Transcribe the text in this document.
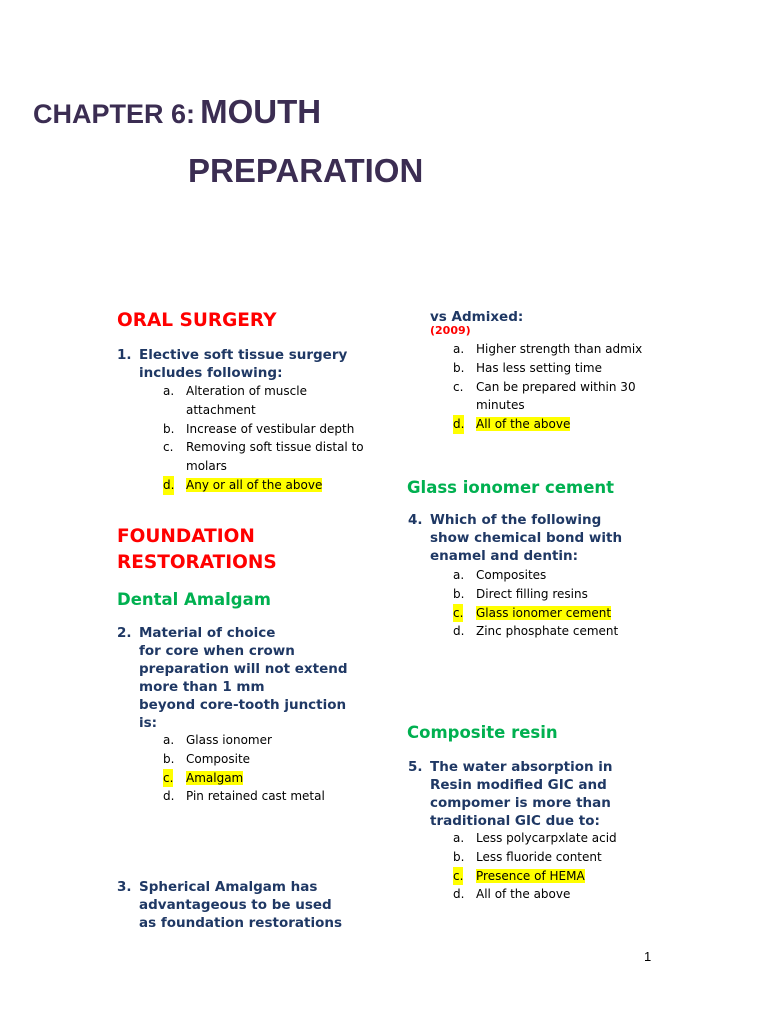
CHAPTER 6: MOUTH
PREPARATION
ORAL SURGERY
1. Elective soft tissue surgery
includes following:
a. Alteration of muscle
attachment
b. Increase of vestibular depth
c. Removing soft tissue distal to
molars
d. Any or all of the above
FOUNDATION
RESTORATIONS
Dental Amalgam
2. Material of choice
for core when crown
preparation will not extend
more than 1 mm
beyond core-tooth junction
is:
a. Glass ionomer
b. Composite
c. Amalgam
d. Pin retained cast metal
3. Spherical Amalgam has
advantageous to be used
as foundation restorations
vs Admixed:
(2009)
a. Higher strength than admix
b. Has less setting time
c. Can be prepared within 30
minutes
d. All of the above
Glass ionomer cement
4. Which of the following
show chemical bond with
enamel and dentin:
a. Composites
b. Direct filling resins
c. Glass ionomer cement
d. Zinc phosphate cement
Composite resin
5. The water absorption in
Resin modified GIC and
compomer is more than
traditional GIC due to:
a. Less polycarpxlate acid
b. Less fluoride content
c. Presence of HEMA
d. All of the above
1
